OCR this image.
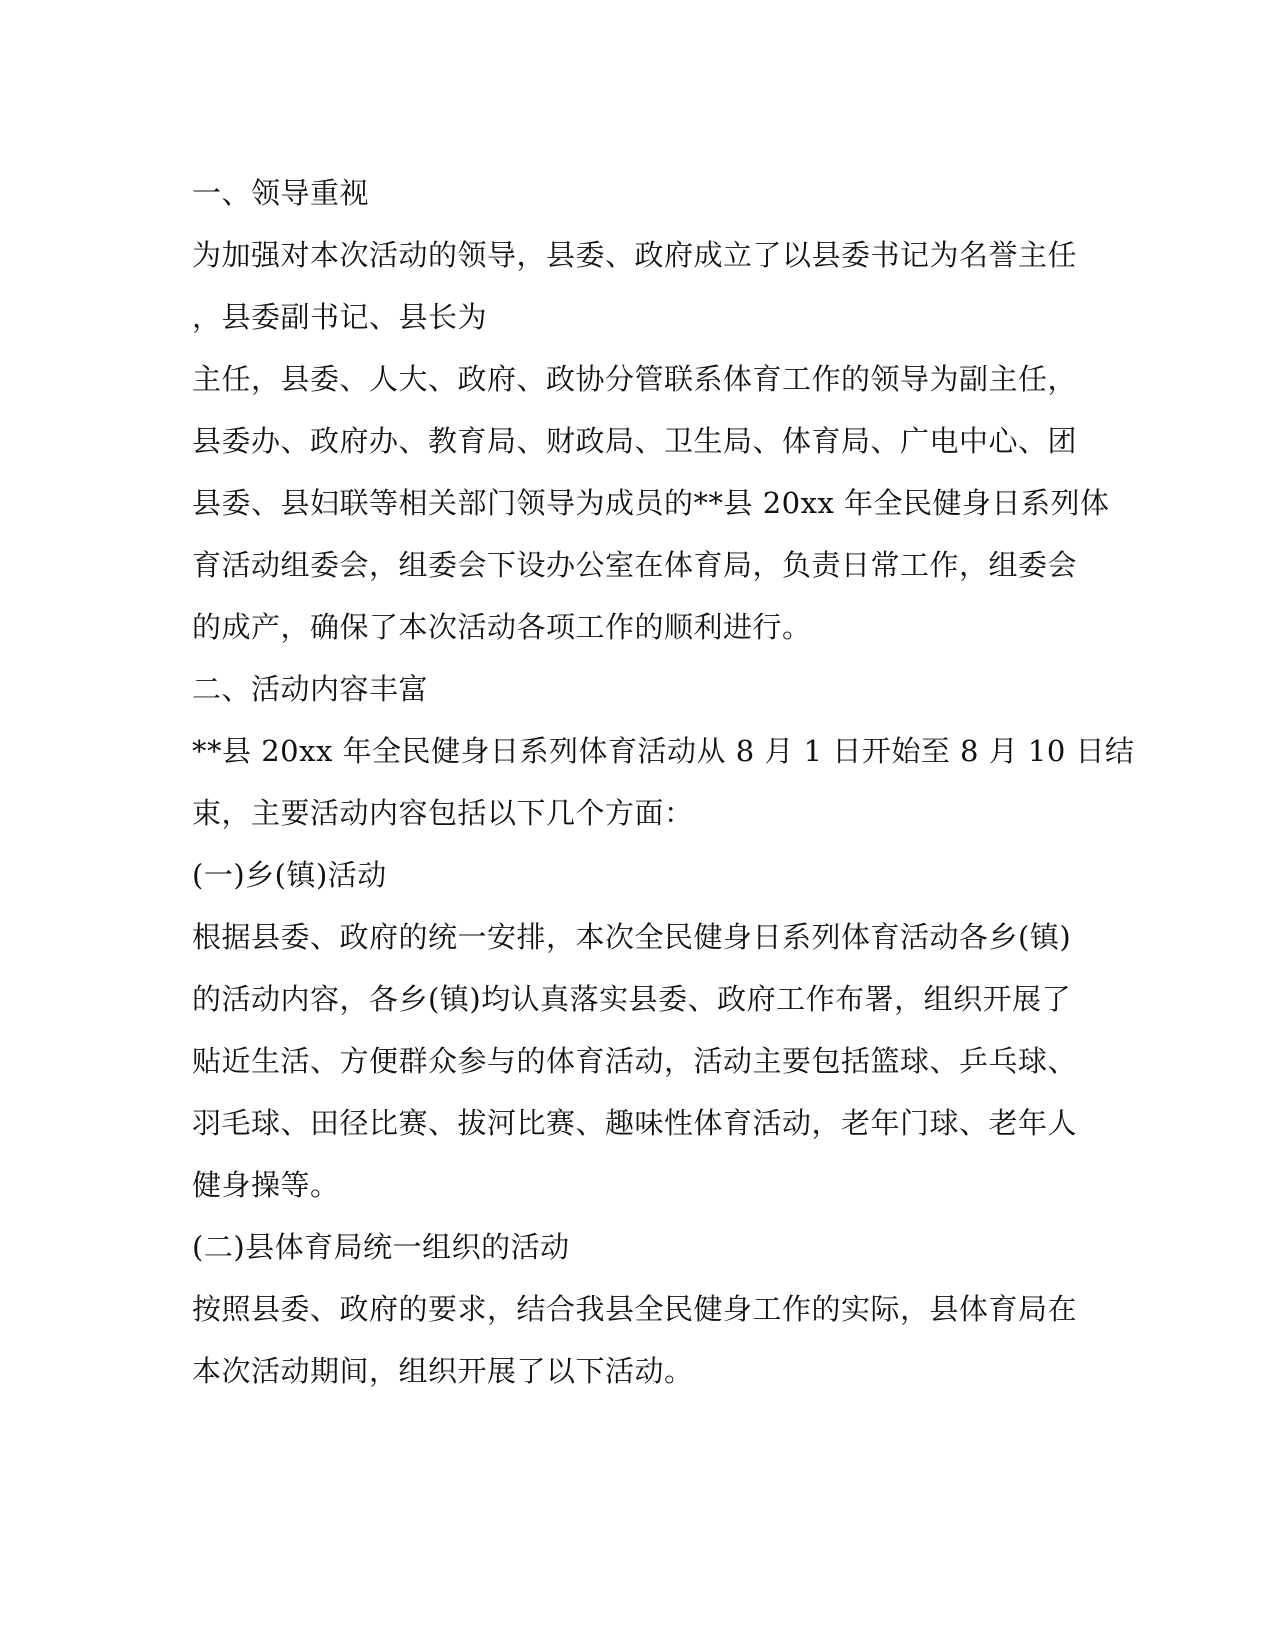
一、领导重视
为加强对本次活动的领导，县委、政府成立了以县委书记为名誉主任
，县委副书记、县长为
主任，县委、人大、政府、政协分管联系体育工作的领导为副主任，
县委办、政府办、教育局、财政局、卫生局、体育局、广电中心、团
县委、县妇联等相关部门领导为成员的**县 20xx 年全民健身日系列体
育活动组委会，组委会下设办公室在体育局，负责日常工作，组委会
的成产，确保了本次活动各项工作的顺利进行。
二、活动内容丰富
**县 20xx 年全民健身日系列体育活动从 8 月 1 日开始至 8 月 10 日结
束，主要活动内容包括以下几个方面：
(一)乡(镇)活动
根据县委、政府的统一安排，本次全民健身日系列体育活动各乡(镇)
的活动内容，各乡(镇)均认真落实县委、政府工作布署，组织开展了
贴近生活、方便群众参与的体育活动，活动主要包括篮球、乒乓球、
羽毛球、田径比赛、拔河比赛、趣味性体育活动，老年门球、老年人
健身操等。
(二)县体育局统一组织的活动
按照县委、政府的要求，结合我县全民健身工作的实际，县体育局在
本次活动期间，组织开展了以下活动。
